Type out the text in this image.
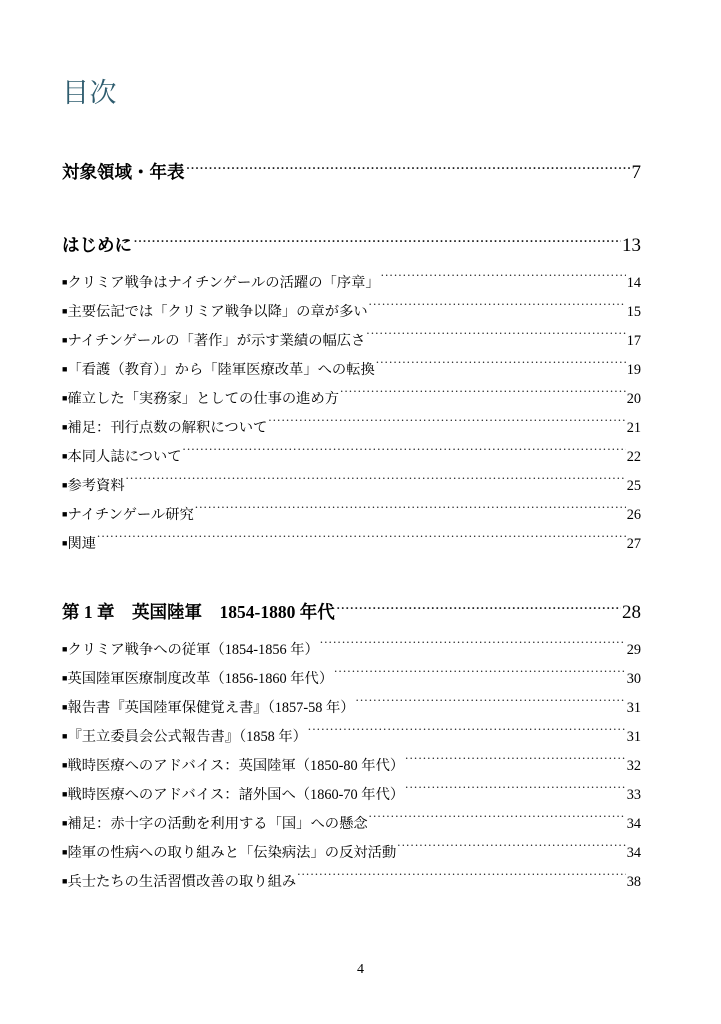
目次
対象領域・年表 .....	7
はじめに .....	13
■クリミア戦争はナイチンゲールの活躍の「序章」 .....	14
■主要伝記では「クリミア戦争以降」の章が多い .....	15
■ナイチンゲールの「著作」が示す業績の幅広さ .....	17
■「看護（教育）」から「陸軍医療改革」への転換 .....	19
■確立した「実務家」としての仕事の進め方 .....	20
■補足：刊行点数の解釈について .....	21
■本同人誌について .....	22
■参考資料 .....	25
■ナイチンゲール研究 .....	26
■関連 .....	27
第 1 章　英国陸軍　1854-1880 年代 .....	28
■クリミア戦争への従軍（1854-1856 年） .....	29
■英国陸軍医療制度改革（1856-1860 年代） .....	30
■報告書『英国陸軍保健覚え書』（1857-58 年） .....	31
■『王立委員会公式報告書』（1858 年） .....	31
■戦時医療へのアドバイス：英国陸軍（1850-80 年代） .....	32
■戦時医療へのアドバイス：諸外国へ（1860-70 年代） .....	33
■補足：赤十字の活動を利用する「国」への懸念 .....	34
■陸軍の性病への取り組みと「伝染病法」の反対活動 .....	34
■兵士たちの生活習慣改善の取り組み .....	38
4
